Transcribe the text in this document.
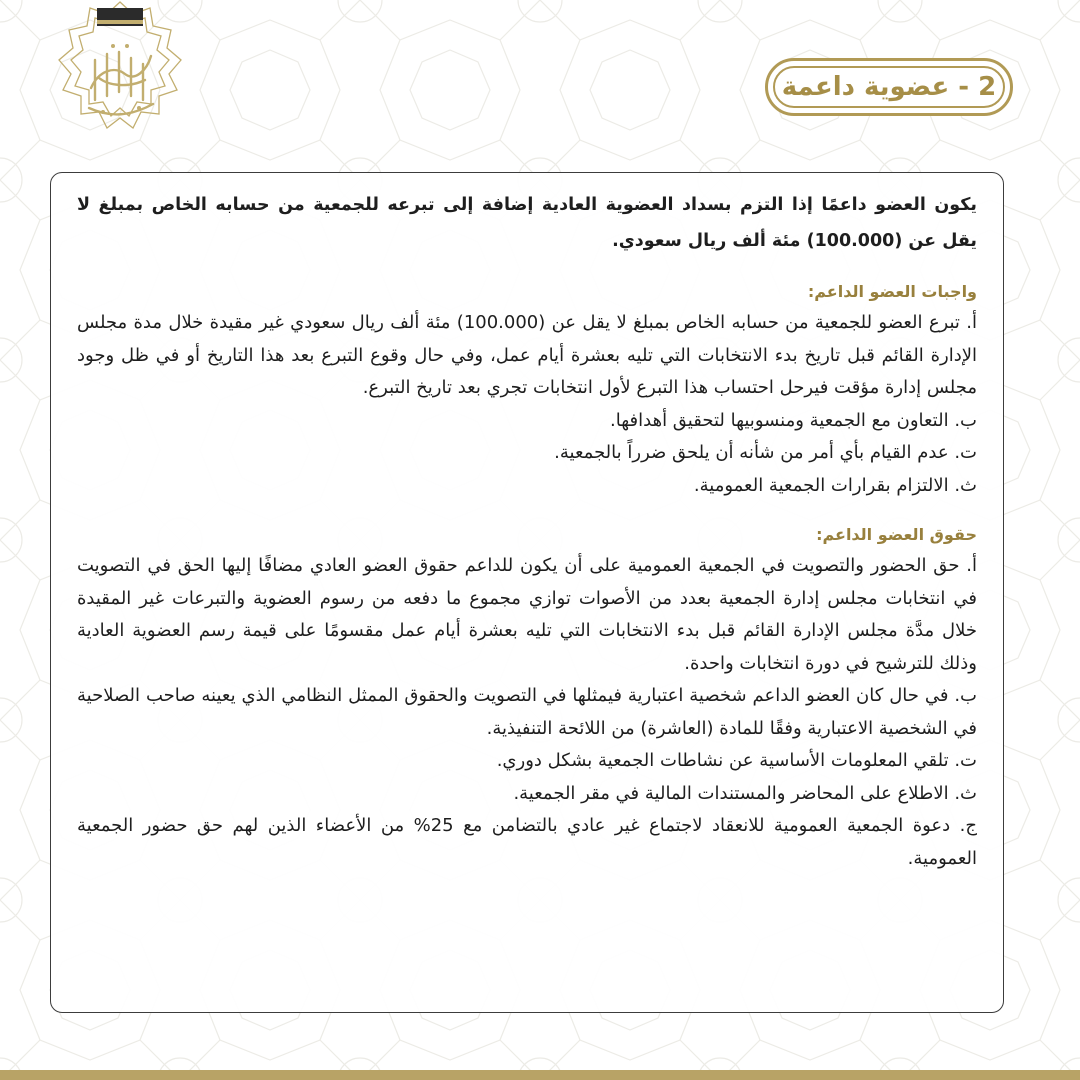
2 - عضوية داعمة

يكون العضو داعمًا إذا التزم بسداد العضوية العادية إضافة إلى تبرعه للجمعية من حسابه الخاص بمبلغ لا يقل عن (100.000) مئة ألف ريال سعودي.

واجبات العضو الداعم:

أ. تبرع العضو للجمعية من حسابه الخاص بمبلغ لا يقل عن (100.000) مئة ألف ريال سعودي غير مقيدة خلال مدة مجلس الإدارة القائم قبل تاريخ بدء الانتخابات التي تليه بعشرة أيام عمل، وفي حال وقوع التبرع بعد هذا التاريخ أو في ظل وجود مجلس إدارة مؤقت فيرحل احتساب هذا التبرع لأول انتخابات تجري بعد تاريخ التبرع.

ب. التعاون مع الجمعية ومنسوبيها لتحقيق أهدافها.

ت. عدم القيام بأي أمر من شأنه أن يلحق ضرراً بالجمعية.

ث. الالتزام بقرارات الجمعية العمومية.

حقوق العضو الداعم:

أ. حق الحضور والتصويت في الجمعية العمومية على أن يكون للداعم حقوق العضو العادي مضافًا إليها الحق في التصويت في انتخابات مجلس إدارة الجمعية بعدد من الأصوات توازي مجموع ما دفعه من رسوم العضوية والتبرعات غير المقيدة خلال مدَّة مجلس الإدارة القائم قبل بدء الانتخابات التي تليه بعشرة أيام عمل مقسومًا على قيمة رسم العضوية العادية وذلك للترشيح في دورة انتخابات واحدة.

ب. في حال كان العضو الداعم شخصية اعتبارية فيمثلها في التصويت والحقوق الممثل النظامي الذي يعينه صاحب الصلاحية في الشخصية الاعتبارية وفقًا للمادة (العاشرة) من اللائحة التنفيذية.

ت. تلقي المعلومات الأساسية عن نشاطات الجمعية بشكل دوري.

ث. الاطلاع على المحاضر والمستندات المالية في مقر الجمعية.

ج. دعوة الجمعية العمومية للانعقاد لاجتماع غير عادي بالتضامن مع 25% من الأعضاء الذين لهم حق حضور الجمعية العمومية.
